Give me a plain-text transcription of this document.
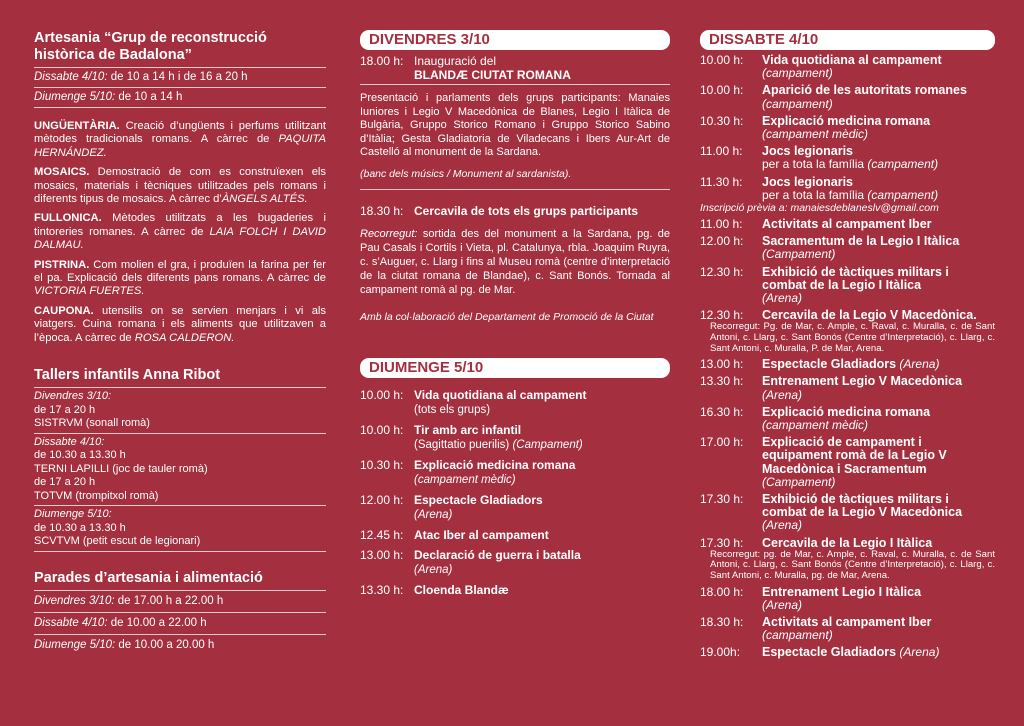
Artesania “Grup de reconstrucció històrica de Badalona”
Dissabte 4/10: de 10 a 14 h i de 16 a 20 h
Diumenge 5/10: de 10 a 14 h
UNGÜENTÀRIA. Creació d’ungüents i perfums utilitzant mètodes tradicionals romans. A càrrec de PAQUITA HERNÁNDEZ.
MOSAICS. Demostració de com es construïexen els mosaics, materials i tècniques utilitzades pels romans i diferents tipus de mosaics. A càrrec d’ÀNGELS ALTÉS.
FULLONICA. Mètodes utilitzats a les bugaderies i tintoreries romanes. A càrrec de LAIA FOLCH I DAVID DALMAU.
PISTRINA. Com molien el gra, i produïen la farina per fer el pa. Explicació dels diferents pans romans. A càrrec de VICTORIA FUERTES.
CAUPONA. utensilis on se servien menjars i vi als viatgers. Cuina romana i els aliments que utilitzaven a l’època. A càrrec de ROSA CALDERON.
Tallers infantils Anna Ribot
Divendres 3/10:
de 17 a 20 h
SISTRVM (sonall romà)
Dissabte 4/10:
de 10.30 a 13.30 h
TERNI LAPILLI (joc de tauler romà)
de 17 a 20 h
TOTVM (trompitxol romà)
Diumenge 5/10:
de 10.30 a 13.30 h
SCVTVM (petit escut de legionari)
Parades d’artesania i alimentació
Divendres 3/10: de 17.00 h a 22.00 h
Dissabte 4/10: de 10.00 a 22.00 h
Diumenge 5/10: de 10.00 a 20.00 h
DIVENDRES 3/10
18.00 h: Inauguració del
BLANDÆ CIUTAT ROMANA
Presentació i parlaments dels grups participants: Manaies Iuniores i Legio V Macedònica de Blanes, Legio I Itàlica de Bulgària, Gruppo Storico Romano i Gruppo Storico Sabino d’Itàlia; Gesta Gladiatoria de Viladecans i Ibers Aur-Art de Castelló al monument de la Sardana.
(banc dels músics / Monument al sardanista).
18.30 h: Cercavila de tots els grups participants
Recorregut: sortida des del monument a la Sardana, pg. de Pau Casals i Cortils i Vieta, pl. Catalunya, rbla. Joaquim Ruyra, c. s’Auguer, c. Llarg i fins al Museu romà (centre d’interpretació de la ciutat romana de Blandae), c. Sant Bonós. Tornada al campament romà al pg. de Mar.
Amb la col·laboració del Departament de Promoció de la Ciutat
DIUMENGE 5/10
10.00 h: Vida quotidiana al campament
(tots els grups)
10.00 h: Tir amb arc infantil
(Sagittatio puerilis) (Campament)
10.30 h: Explicació medicina romana
(campament mèdic)
12.00 h: Espectacle Gladiadors
(Arena)
12.45 h: Atac Iber al campament
13.00 h: Declaració de guerra i batalla
(Arena)
13.30 h: Cloenda Blandæ
DISSABTE 4/10
10.00 h:	Vida quotidiana al campament
(campament)
10.00 h:	Aparició de les autoritats romanes (campament)
10.30 h:	Explicació medicina romana
(campament mèdic)
11.00 h:	Jocs legionaris
per a tota la família (campament)
11.30 h:	Jocs legionaris
per a tota la família (campament)
Inscripció prèvia a: manaiesdeblaneslv@gmail.com
11.00 h:	Activitats al campament Iber
12.00 h:	Sacramentum de la Legio I Itàlica
(Campament)
12.30 h:	Exhibició de tàctiques militars i combat de la Legio I Itàlica
(Arena)
12.30 h:	Cercavila de la Legio V Macedònica.
Recorregut: Pg. de Mar, c. Ample, c. Raval, c. Muralla, c. de Sant Antoni, c. Llarg, c. Sant Bonós (Centre d’Interpretació), c. Llarg, c. Sant Antoni, c. Muralla, P. de Mar, Arena.
13.00 h:	Espectacle Gladiadors (Arena)
13.30 h:	Entrenament Legio V Macedònica
(Arena)
16.30 h:	Explicació medicina romana
(campament mèdic)
17.00 h:	Explicació de campament i equipament romà de la Legio V Macedònica i Sacramentum
(Campament)
17.30 h:	Exhibició de tàctiques militars i combat de la Legio V Macedònica
(Arena)
17.30 h:	Cercavila de la Legio I Itàlica
Recorregut: pg. de Mar, c. Ample, c. Raval, c. Muralla, c. de Sant Antoni, c. Llarg, c. Sant Bonós (Centre d’Interpretació), c. Llarg, c. Sant Antoni, c. Muralla, pg. de Mar, Arena.
18.00 h:	Entrenament Legio I Itàlica
(Arena)
18.30 h:	Activitats al campament Iber
(campament)
19.00h:	Espectacle Gladiadors (Arena)
